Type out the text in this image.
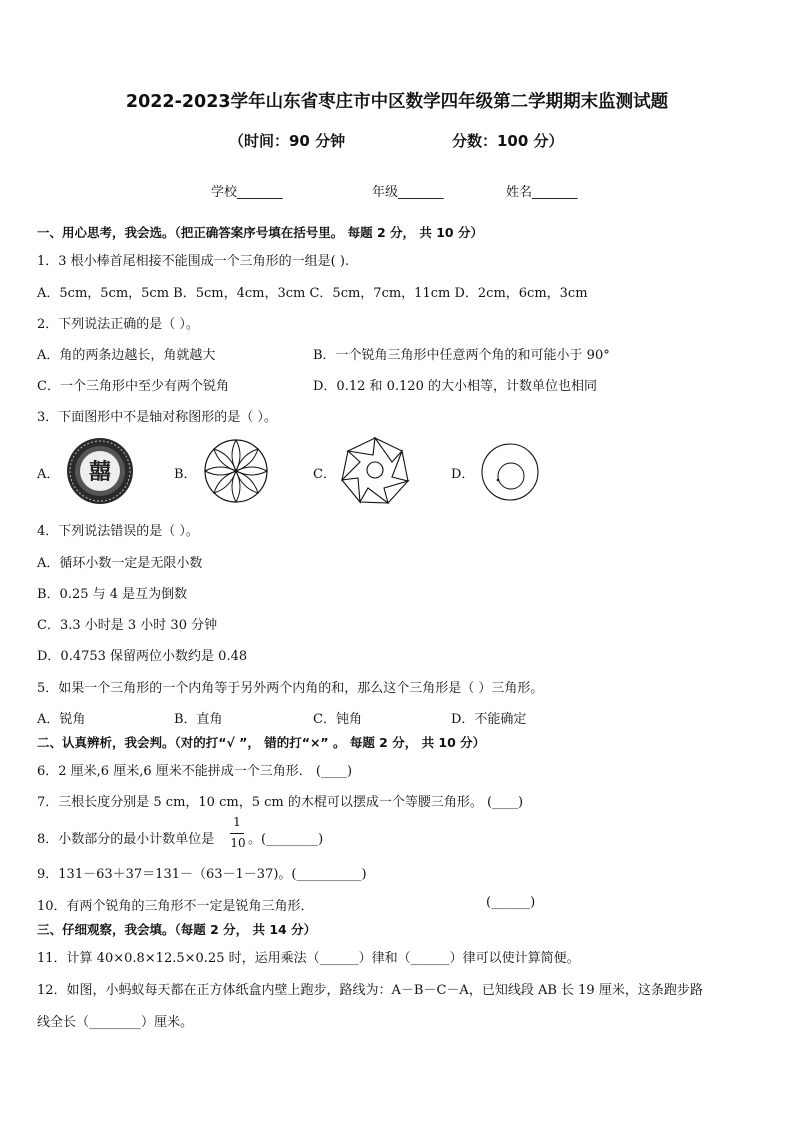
2022-2023学年山东省枣庄市中区数学四年级第二学期期末监测试题
（时间：90 分钟	分数：100 分）
学校_______	年级_______	姓名_______
一、用心思考，我会选。（把正确答案序号填在括号里。 每题 2 分， 共 10 分）
1．3 根小棒首尾相接不能围成一个三角形的一组是( ).
A．5cm，5cm，5cm B．5cm，4cm，3cm C．5cm，7cm，11cm D．2cm，6cm，3cm
2．下列说法正确的是（ ）。
A．角的两条边越长，角就越大	B．一个锐角三角形中任意两个角的和可能小于 90°
C．一个三角形中至少有两个锐角	D．0.12 和 0.120 的大小相等，计数单位也相同
3．下面图形中不是轴对称图形的是（ ）。
A．	B．	C．	D．
囍
4．下列说法错误的是（ ）。
A．循环小数一定是无限小数
B．0.25 与 4 是互为倒数
C．3.3 小时是 3 小时 30 分钟
D．0.4753 保留两位小数约是 0.48
5．如果一个三角形的一个内角等于另外两个内角的和，那么这个三角形是（ ）三角形。
A．锐角	B．直角	C．钝角	D．不能确定
二、认真辨析，我会判。（对的打“√ ”， 错的打“×” 。 每题 2 分， 共 10 分）
6．2 厘米,6 厘米,6 厘米不能拼成一个三角形． (____)
7．三根长度分别是 5 cm，10 cm，5 cm 的木棍可以摆成一个等腰三角形。 (____)
8．小数部分的最小计数单位是
1
10 。(________)
9．131－63＋37＝131－（63－1－37)。(__________)
10．有两个锐角的三角形不一定是锐角三角形．	(______)
三、仔细观察，我会填。（每题 2 分， 共 14 分）
11．计算 40×0.8×12.5×0.25 时，运用乘法（______）律和（______）律可以使计算简便。
12．如图，小蚂蚁每天都在正方体纸盒内壁上跑步，路线为：A－B－C－A，已知线段 AB 长 19 厘米，这条跑步路
线全长（________）厘米。
